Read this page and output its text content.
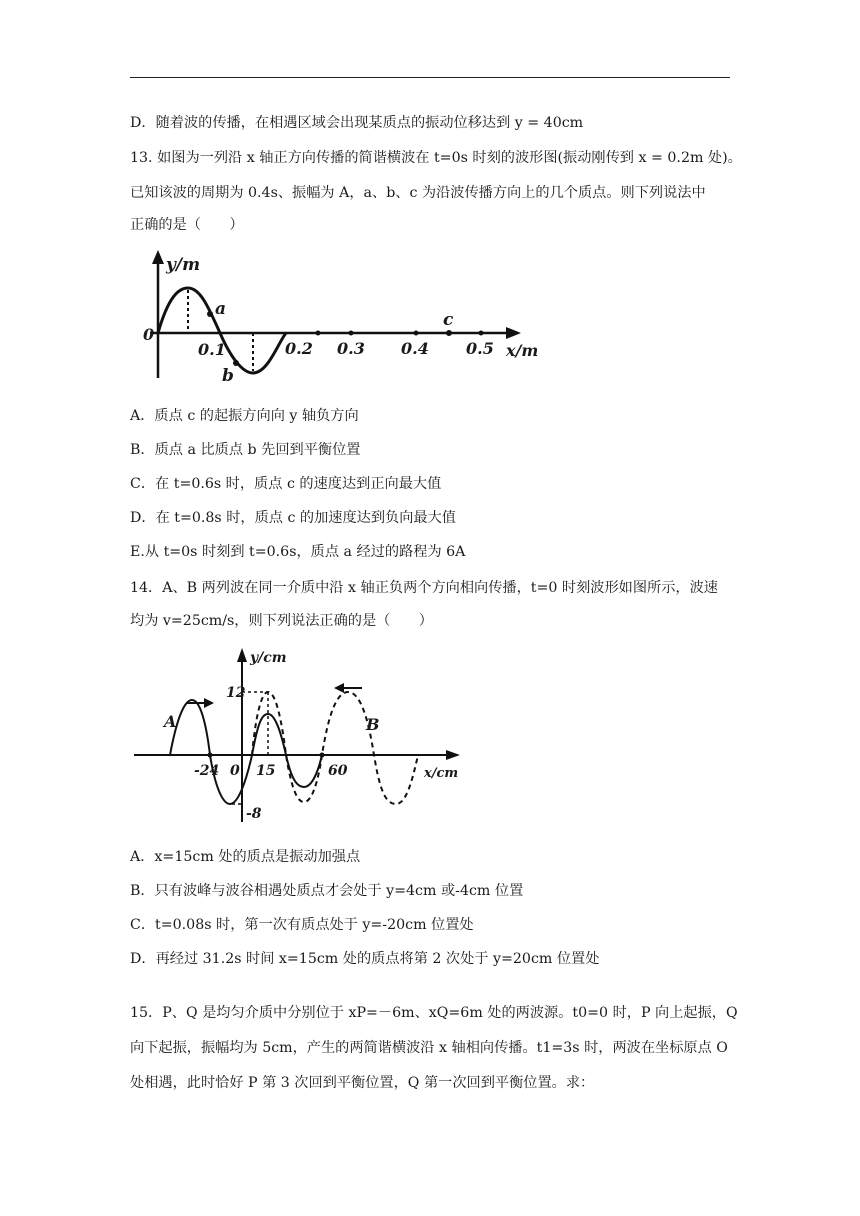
D．随着波的传播，在相遇区域会出现某质点的振动位移达到 y = 40cm
13. 如图为一列沿 x 轴正方向传播的简谐横波在 t=0s 时刻的波形图(振动刚传到 x = 0.2m 处)。
已知该波的周期为 0.4s、振幅为 A，a、b、c 为沿波传播方向上的几个质点。则下列说法中
正确的是（　　）
y/m
x/m
0
0.1	0.2 0.3 0.4 0.5
a
b
c
A．质点 c 的起振方向向 y 轴负方向
B．质点 a 比质点 b 先回到平衡位置
C．在 t=0.6s 时，质点 c 的速度达到正向最大值
D．在 t=0.8s 时，质点 c 的加速度达到负向最大值
E.从 t=0s 时刻到 t=0.6s，质点 a 经过的路程为 6A
14．A、B 两列波在同一介质中沿 x 轴正负两个方向相向传播，t=0 时刻波形如图所示，波速
均为 v=25cm/s，则下列说法正确的是（　　）
y/cm
x/cm
0
12
-8
-24	15	60
A	B
A．x=15cm 处的质点是振动加强点
B．只有波峰与波谷相遇处质点才会处于 y=4cm 或-4cm 位置
C．t=0.08s 时，第一次有质点处于 y=-20cm 位置处
D．再经过 31.2s 时间 x=15cm 处的质点将第 2 次处于 y=20cm 位置处
15．P、Q 是均匀介质中分别位于 xP=－6m、xQ=6m 处的两波源。t0=0 时，P 向上起振，Q
向下起振，振幅均为 5cm，产生的两简谐横波沿 x 轴相向传播。t1=3s 时，两波在坐标原点 O
处相遇，此时恰好 P 第 3 次回到平衡位置，Q 第一次回到平衡位置。求：
